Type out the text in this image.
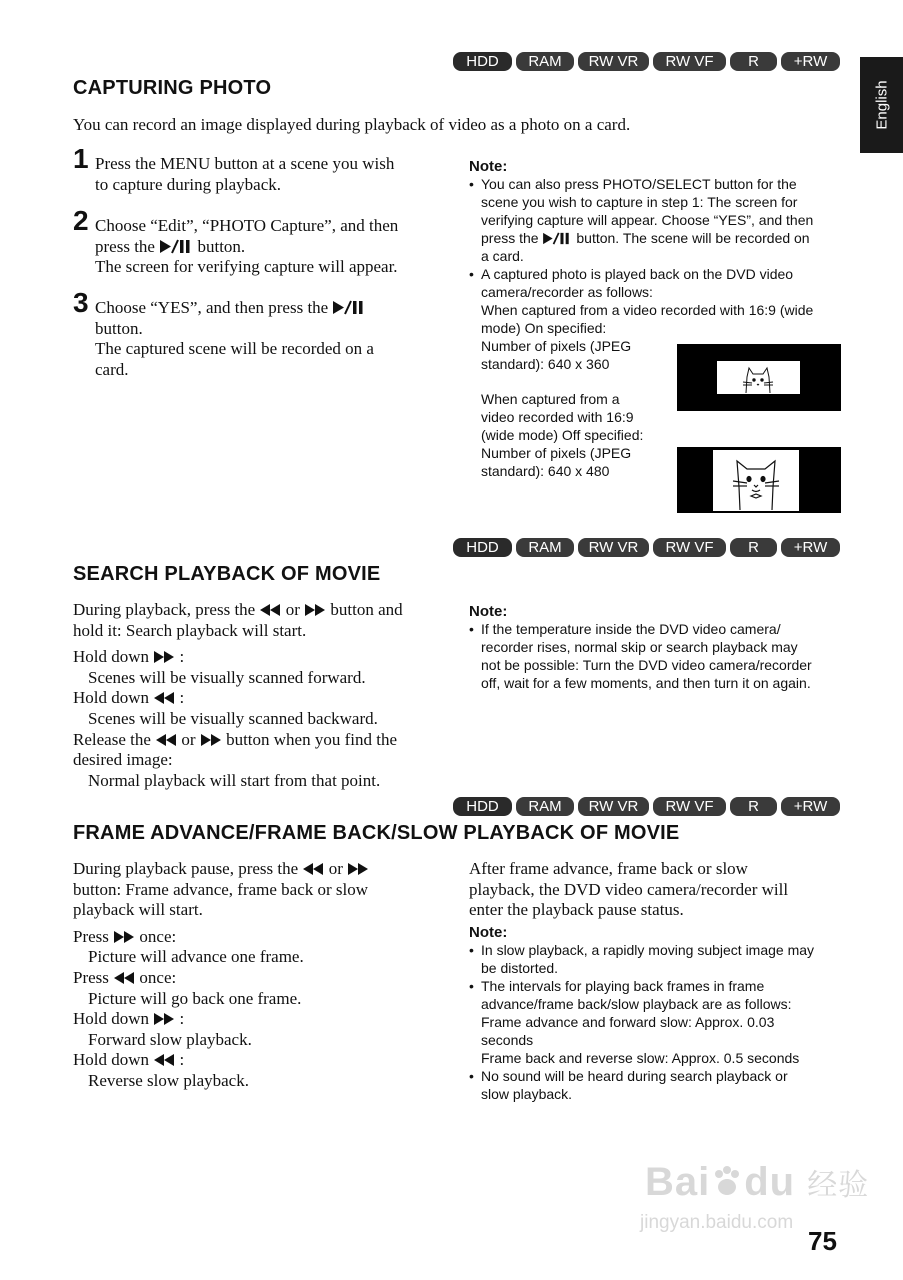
English
HDD	RAM	RW VR	RW VF	R	+RW
CAPTURING PHOTO
You can record an image displayed during playback of video as a photo on a card.
1 Press the MENU button at a scene you wish
to capture during playback.
2 Choose “Edit”, “PHOTO Capture”, and then
press the	button.
The screen for verifying capture will appear.
3 Choose “YES”, and then press the
button.
The captured scene will be recorded on a
card.
Note:
• You can also press PHOTO/SELECT button for the
scene you wish to capture in step 1: The screen for
verifying capture will appear. Choose “YES”, and then
press the	button. The scene will be recorded on
a card.
• A captured photo is played back on the DVD video
camera/recorder as follows:
When captured from a video recorded with 16:9 (wide
mode) On specified:
Number of pixels (JPEG
standard): 640 x 360
When captured from a
video recorded with 16:9
(wide mode) Off specified:
Number of pixels (JPEG
standard): 640 x 480
HDD	RAM	RW VR	RW VF	R	+RW
SEARCH PLAYBACK OF MOVIE
During playback, press the or button and
hold it: Search playback will start.
Hold down  :
Scenes will be visually scanned forward.
Hold down  :
Scenes will be visually scanned backward.
Release the or button when you find the
desired image:
Normal playback will start from that point.
Note:
• If the temperature inside the DVD video camera/
recorder rises, normal skip or search playback may
not be possible: Turn the DVD video camera/recorder
off, wait for a few moments, and then turn it on again.
HDD	RAM	RW VR	RW VF	R	+RW
FRAME ADVANCE/FRAME BACK/SLOW PLAYBACK OF MOVIE
During playback pause, press the or
button: Frame advance, frame back or slow
playback will start.
Press once:
Picture will advance one frame.
Press once:
Picture will go back one frame.
Hold down  :
Forward slow playback.
Hold down  :
Reverse slow playback.
After frame advance, frame back or slow
playback, the DVD video camera/recorder will
enter the playback pause status.
Note:
• In slow playback, a rapidly moving subject image may
be distorted.
• The intervals for playing back frames in frame
advance/frame back/slow playback are as follows:
Frame advance and forward slow: Approx. 0.03
seconds
Frame back and reverse slow: Approx. 0.5 seconds
• No sound will be heard during search playback or
slow playback.
Bai du 经验
jingyan.baidu.com
75
